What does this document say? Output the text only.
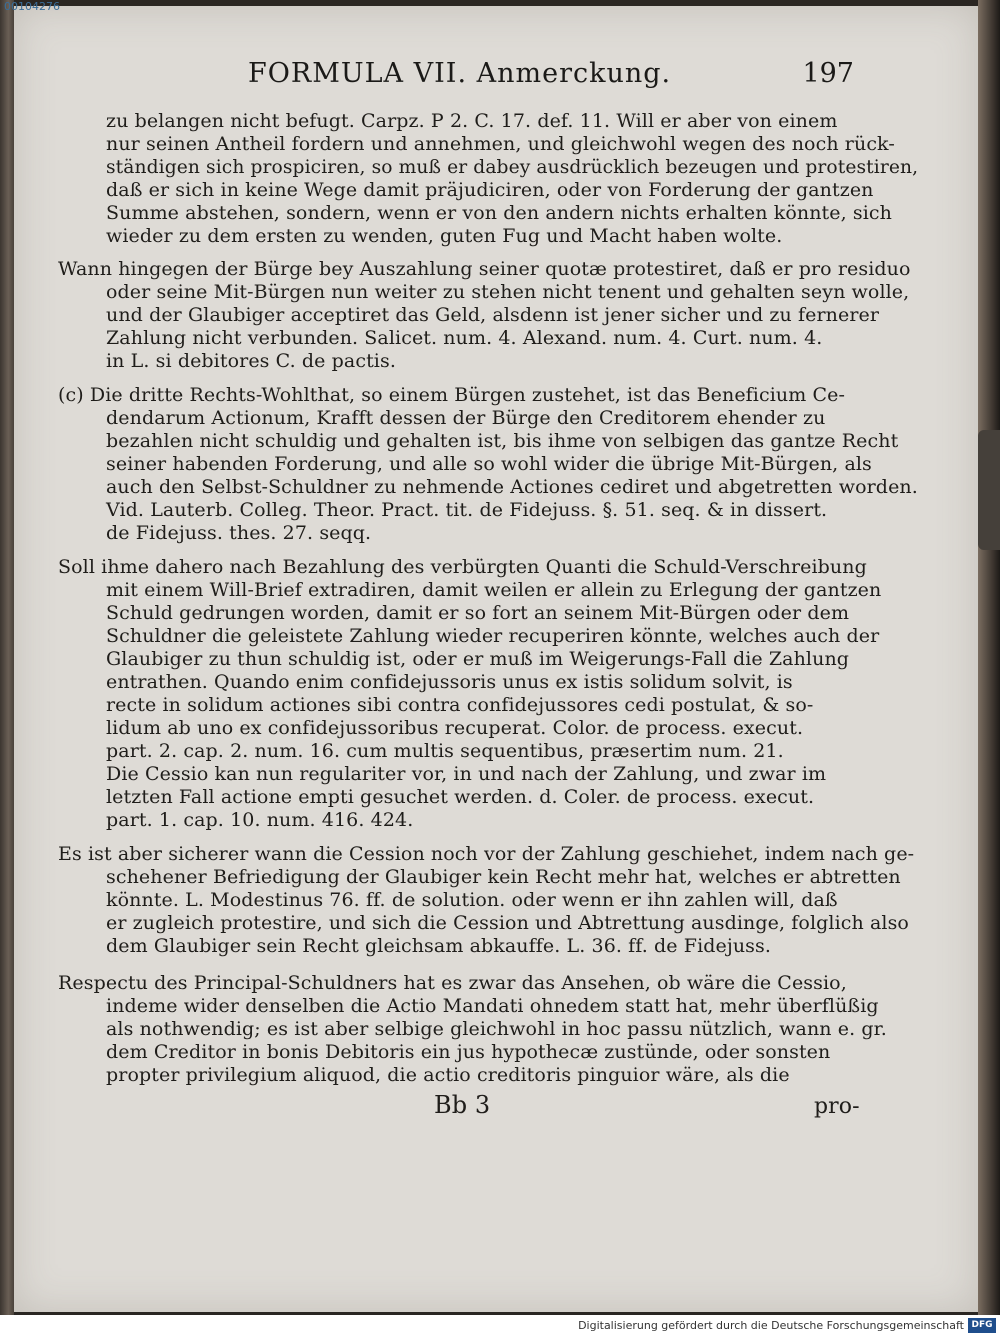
00104276
FORMULA VII. Anmerckung.	197
zu belangen nicht befugt. Carpz. P 2. C. 17. def. 11. Will er aber von einem
nur seinen Antheil fordern und annehmen, und gleichwohl wegen des noch rück-
ständigen sich prospiciren, so muß er dabey ausdrücklich bezeugen und protestiren,
daß er sich in keine Wege damit präjudiciren, oder von Forderung der gantzen
Summe abstehen, sondern, wenn er von den andern nichts erhalten könnte, sich
wieder zu dem ersten zu wenden, guten Fug und Macht haben wolte.
Wann hingegen der Bürge bey Auszahlung seiner quotæ protestiret, daß er pro residuo
oder seine Mit-Bürgen nun weiter zu stehen nicht tenent und gehalten seyn wolle,
und der Glaubiger acceptiret das Geld, alsdenn ist jener sicher und zu fernerer
Zahlung nicht verbunden. Salicet. num. 4. Alexand. num. 4. Curt. num. 4.
in L. si debitores C. de pactis.
(c) Die dritte Rechts-Wohlthat, so einem Bürgen zustehet, ist das Beneficium Ce-
dendarum Actionum, Krafft dessen der Bürge den Creditorem ehender zu
bezahlen nicht schuldig und gehalten ist, bis ihme von selbigen das gantze Recht
seiner habenden Forderung, und alle so wohl wider die übrige Mit-Bürgen, als
auch den Selbst-Schuldner zu nehmende Actiones cediret und abgetretten worden.
Vid. Lauterb. Colleg. Theor. Pract. tit. de Fidejuss. §. 51. seq. & in dissert.
de Fidejuss. thes. 27. seqq.
Soll ihme dahero nach Bezahlung des verbürgten Quanti die Schuld-Verschreibung
mit einem Will-Brief extradiren, damit weilen er allein zu Erlegung der gantzen
Schuld gedrungen worden, damit er so fort an seinem Mit-Bürgen oder dem
Schuldner die geleistete Zahlung wieder recuperiren könnte, welches auch der
Glaubiger zu thun schuldig ist, oder er muß im Weigerungs-Fall die Zahlung
entrathen. Quando enim confidejussoris unus ex istis solidum solvit, is
recte in solidum actiones sibi contra confidejussores cedi postulat, & so-
lidum ab uno ex confidejussoribus recuperat. Color. de process. execut.
part. 2. cap. 2. num. 16. cum multis sequentibus, præsertim num. 21.
Die Cessio kan nun regulariter vor, in und nach der Zahlung, und zwar im
letzten Fall actione empti gesuchet werden. d. Coler. de process. execut.
part. 1. cap. 10. num. 416. 424.
Es ist aber sicherer wann die Cession noch vor der Zahlung geschiehet, indem nach ge-
schehener Befriedigung der Glaubiger kein Recht mehr hat, welches er abtretten
könnte. L. Modestinus 76. ff. de solution. oder wenn er ihn zahlen will, daß
er zugleich protestire, und sich die Cession und Abtrettung ausdinge, folglich also
dem Glaubiger sein Recht gleichsam abkauffe. L. 36. ff. de Fidejuss.
Respectu des Principal-Schuldners hat es zwar das Ansehen, ob wäre die Cessio,
indeme wider denselben die Actio Mandati ohnedem statt hat, mehr überflüßig
als nothwendig; es ist aber selbige gleichwohl in hoc passu nützlich, wann e. gr.
dem Creditor in bonis Debitoris ein jus hypothecæ zustünde, oder sonsten
propter privilegium aliquod, die actio creditoris pinguior wäre, als die
Bb 3	pro-
Digitalisierung gefördert durch die Deutsche Forschungsgemeinschaft DFG
